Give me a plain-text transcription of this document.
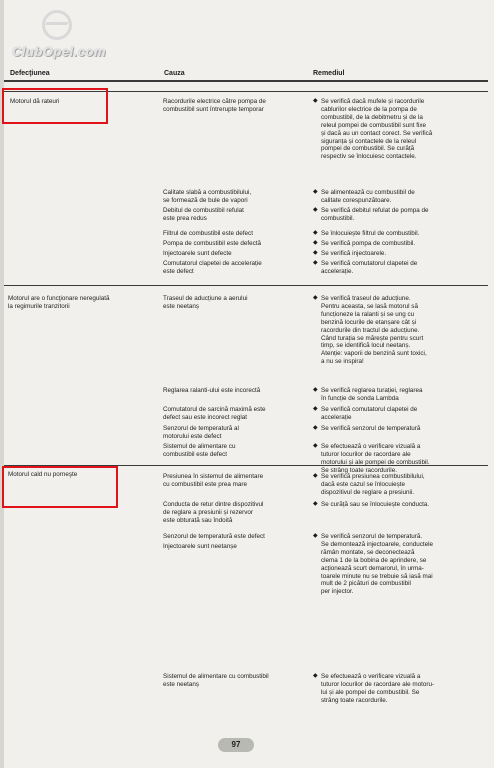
ClubOpel.com
Defecţiunea	Cauza	Remediul
Motorul dă rateuri
Motorul are o funcţionare neregulată
la regimurile tranzitorii
Motorul cald nu porneşte
Racordurile electrice către pompa de
combustibil sunt întrerupte temporar
Calitate slabă a combustibilului,
se formează de bule de vapori
Debitul de combustibil refulat
este prea redus
Filtrul de combustibil este defect
Pompa de combustibil este defectă
Injectoarele sunt defecte
Comutatorul clapetei de accelerație
este defect
Traseul de aducțiune a aerului
este neetanș
Reglarea ralanti-ului este incorectă
Comutatorul de sarcină maximă este
defect sau este incorect reglat
Senzorul de temperatură al
motorului este defect
Sistemul de alimentare cu
combustibil este defect
Presiunea în sistemul de alimentare
cu combustibil este prea mare
Conducta de retur dintre dispozitivul
de reglare a presiunii și rezervor
este obturată sau îndoită
Senzorul de temperatură este defect
Injectoarele sunt neetanșe
Sistemul de alimentare cu combustibil
este neetanș
◆ Se verifică dacă mufele și racordurile
cablurilor electrice de la pompa de
combustibil, de la debitmetru și de la
releul pompei de combustibil sunt fixe
și dacă au un contact corect. Se verifică
siguranța și contactele de la releul
pompei de combustibil. Se curăță
respectiv se înlocuiesc contactele.
◆ Se alimentează cu combustibil de
calitate corespunzătoare.
◆ Se verifică debitul refulat de pompa de
combustibil.
◆ Se înlocuiește filtrul de combustibil.
◆ Se verifică pompa de combustibil.
◆ Se verifică injectoarele.
◆ Se verifică comutatorul clapetei de
accelerație.
◆ Se verifică traseul de aducțiune.
Pentru aceasta, se lasă motorul să
funcționeze la ralanti și se ung cu
benzină locurile de etanșare cât și
racordurile din tractul de aducțiune.
Când turația se mărește pentru scurt
timp, se identifică locul neetanș.
Atenție: vaporii de benzină sunt toxici,
a nu se inspira!
◆ Se verifică reglarea turației, reglarea
în funcție de sonda Lambda
◆ Se verifică comutatorul clapetei de
accelerație
◆ Se verifică senzorul de temperatură
◆ Se efectuează o verificare vizuală a
tuturor locurilor de racordare ale
motorului și ale pompei de combustibil.
Se strâng toate racordurile.
◆ Se verifică presiunea combustibilului,
dacă este cazul se înlocuiește
dispozitivul de reglare a presiunii.
◆ Se curăță sau se înlocuiește conducta.
◆ Se verifică senzorul de temperatură.
Se demontează injectoarele, conductele
rămân montate, se deconectează
clema 1 de la bobina de aprindere, se
acționează scurt demarorul, în urma-
toarele minute nu se trebuie să iasă mai
mult de 2 picături de combustibil
per injector.
◆ Se efectuează o verificare vizuală a
tuturor locurilor de racordare ale motoru-
lui și ale pompei de combustibil. Se
strâng toate racordurile.
97
